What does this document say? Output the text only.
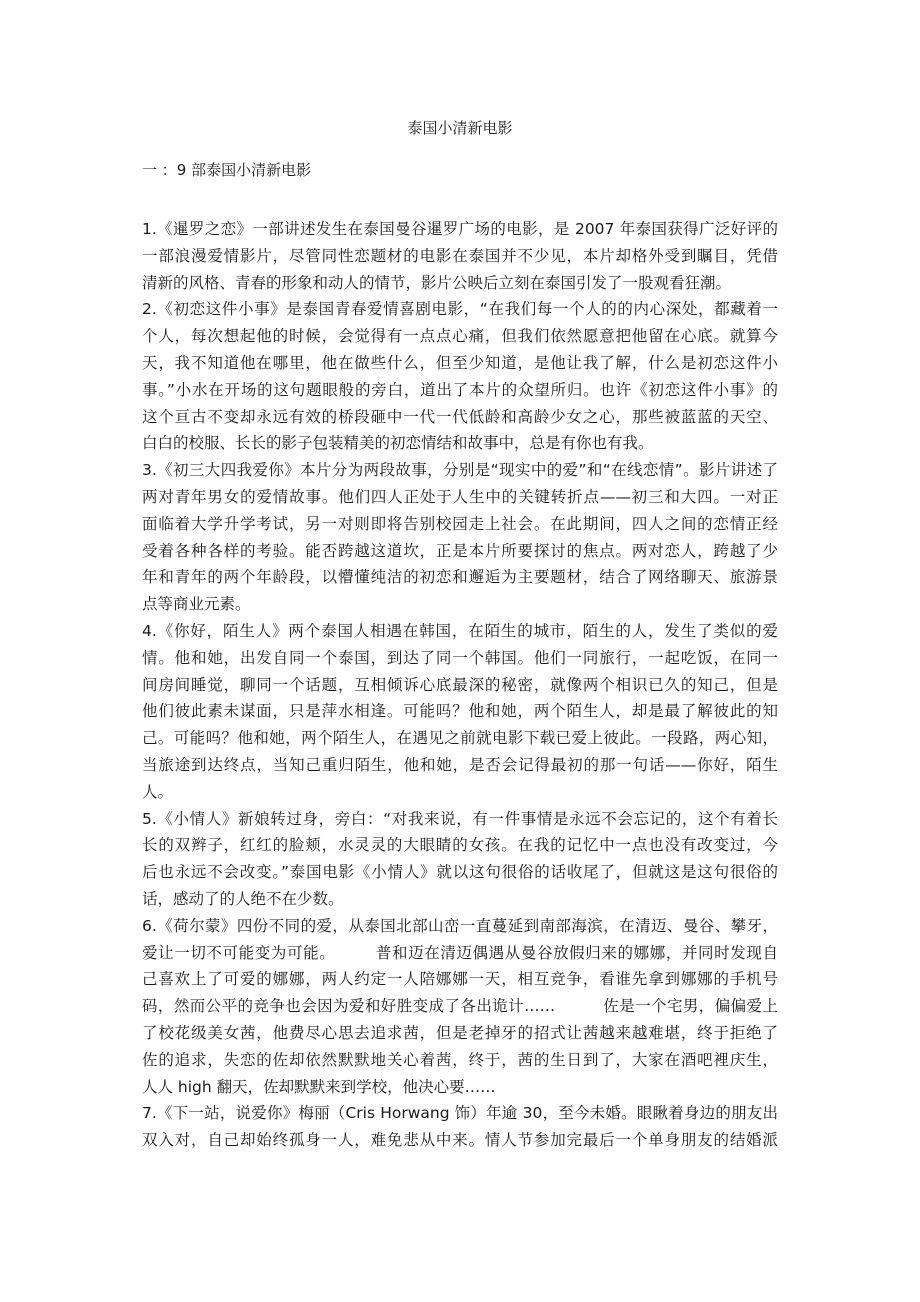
泰国小清新电影
一 ：9 部泰国小清新电影
1.《暹罗之恋》一部讲述发生在泰国曼谷暹罗广场的电影，是 2007 年泰国获得广泛好评的
一部浪漫爱情影片，尽管同性恋题材的电影在泰国并不少见，本片却格外受到瞩目，凭借
清新的风格、青春的形象和动人的情节，影片公映后立刻在泰国引发了一股观看狂潮。
2.《初恋这件小事》是泰国青春爱情喜剧电影，“在我们每一个人的的内心深处，都藏着一
个人，每次想起他的时候，会觉得有一点点心痛，但我们依然愿意把他留在心底。就算今
天，我不知道他在哪里，他在做些什么，但至少知道，是他让我了解，什么是初恋这件小
事。”小水在开场的这句题眼般的旁白，道出了本片的众望所归。也许《初恋这件小事》的
这个亘古不变却永远有效的桥段砸中一代一代低龄和高龄少女之心，那些被蓝蓝的天空、
白白的校服、长长的影子包装精美的初恋情结和故事中，总是有你也有我。
3.《初三大四我爱你》本片分为两段故事，分别是“现实中的爱”和“在线恋情”。影片讲述了
两对青年男女的爱情故事。他们四人正处于人生中的关键转折点——初三和大四。一对正
面临着大学升学考试，另一对则即将告别校园走上社会。在此期间，四人之间的恋情正经
受着各种各样的考验。能否跨越这道坎，正是本片所要探讨的焦点。两对恋人，跨越了少
年和青年的两个年龄段，以懵懂纯洁的初恋和邂逅为主要题材，结合了网络聊天、旅游景
点等商业元素。
4.《你好，陌生人》两个泰国人相遇在韩国，在陌生的城市，陌生的人，发生了类似的爱
情。他和她，出发自同一个泰国，到达了同一个韩国。他们一同旅行，一起吃饭，在同一
间房间睡觉，聊同一个话题，互相倾诉心底最深的秘密，就像两个相识已久的知己，但是
他们彼此素未谋面，只是萍水相逢。可能吗？他和她，两个陌生人，却是最了解彼此的知
己。可能吗？他和她，两个陌生人，在遇见之前就电影下载已爱上彼此。一段路，两心知，
当旅途到达终点，当知己重归陌生，他和她，是否会记得最初的那一句话——你好，陌生
人。
5.《小情人》新娘转过身，旁白：“对我来说，有一件事情是永远不会忘记的，这个有着长
长的双辫子，红红的脸颊，水灵灵的大眼睛的女孩。在我的记忆中一点也没有改变过，今
后也永远不会改变。”泰国电影《小情人》就以这句很俗的话收尾了，但就这是这句很俗的
话，感动了的人绝不在少数。
6.《荷尔蒙》四份不同的爱，从泰国北部山峦一直蔓延到南部海滨，在清迈、曼谷、攀牙，
爱让一切不可能变为可能。　　　普和迈在清迈偶遇从曼谷放假归来的娜娜，并同时发现自
己喜欢上了可爱的娜娜，两人约定一人陪娜娜一天，相互竞争，看谁先拿到娜娜的手机号
码，然而公平的竞争也会因为爱和好胜变成了各出诡计……　　　佐是一个宅男，偏偏爱上
了校花级美女茜，他费尽心思去追求茜，但是老掉牙的招式让茜越来越难堪，终于拒绝了
佐的追求，失恋的佐却依然默默地关心着茜，终于，茜的生日到了，大家在酒吧裡庆生，
人人 high 翻天，佐却默默来到学校，他决心要……
7.《下一站，说爱你》梅丽（Cris Horwang 饰）年逾 30，至今未婚。眼瞅着身边的朋友出
双入对，自己却始终孤身一人，难免悲从中来。情人节参加完最后一个单身朋友的结婚派
